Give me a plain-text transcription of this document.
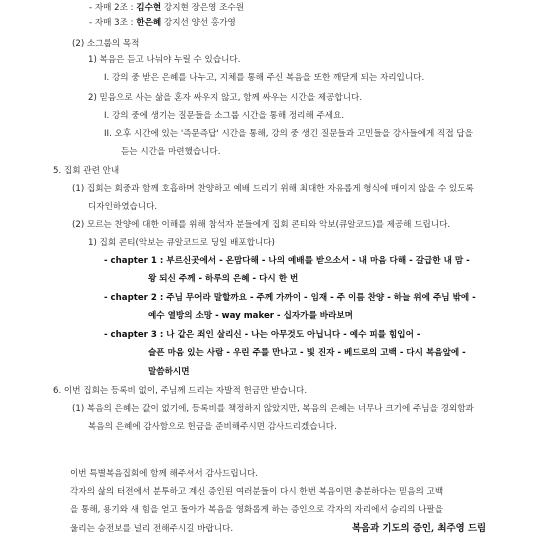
- 자매 2조 : 김수현 강지현 장은영 조수원
- 자매 3조 : 한은혜 강지선 양선 홍가영
(2) 소그룹의 목적
1) 복음은 듣고 나눠야 누릴 수 있습니다.
I. 강의 중 받은 은혜를 나누고, 지체를 통해 주신 복음을 또한 깨닫게 되는 자리입니다.
2) 믿음으로 사는 삶을 혼자 싸우지 않고, 함께 싸우는 시간을 제공합니다.
I. 강의 중에 생기는 질문들을 소그룹 시간을 통해 정리해 주세요.
II. 오후 시간에 있는 '즉문즉답' 시간을 통해, 강의 중 생긴 질문들과 고민들을 강사들에게 직접 답을
듣는 시간을 마련했습니다.
5. 집회 관련 안내
(1) 집회는 회중과 함께 호흡하며 찬양하고 예배 드리기 위해 최대한 자유롭게 형식에 매이지 않을 수 있도록
디자인하였습니다.
(2) 모르는 찬양에 대한 이해를 위해 참석자 분들에게 집회 콘티와 악보(큐알코드)를 제공해 드립니다.
1) 집회 콘티(악보는 큐알코드로 딩일 배포합니다)
- chapter 1 : 부르신곳에서 - 온맘다해 - 나의 예배를 받으소서 - 내 마음 다해 - 갈급한 내 맘 -
왕 되신 주께 - 하루의 은혜 - 다시 한 번
- chapter 2 : 주님 무어라 말할까요 - 주께 가까이 - 임재 - 주 이름 찬양 - 하늘 위에 주님 밖에 -
예수 열방의 소망 - way maker - 십자가를 바라보며
- chapter 3 : 나 같은 죄인 살리신 - 나는 아무것도 아닙니다 - 예수 피를 힘입어 -
슬픈 마음 있는 사람 - 우린 주를 만나고 - 빛 진자 - 베드로의 고백 - 다시 복음앞에 -
말씀하시면
6. 이번 집회는 등록비 없이, 주님께 드리는 자발적 헌금만 받습니다.
(1) 복음의 은혜는 값이 없기에, 등록비를 책정하지 않았지만, 복음의 은혜는 너무나 크기에 주님을 경외함과
복음의 은혜에 감사함으로 헌금을 준비해주시면 감사드리겠습니다.
이번 특별복음집회에 함께 해주셔서 감사드립니다.
각자의 삶의 터전에서 분투하고 계신 증인된 여러분들이 다시 한번 복음이면 충분하다는 믿음의 고백
을 통해, 용기와 새 힘을 얻고 돌아가 복음을 영화롭게 하는 증인으로 각자의 자리에서 승리의 나팔을
울리는 승전보를 널리 전해주시길 바랍니다.	복음과 기도의 증인, 최주영 드림
